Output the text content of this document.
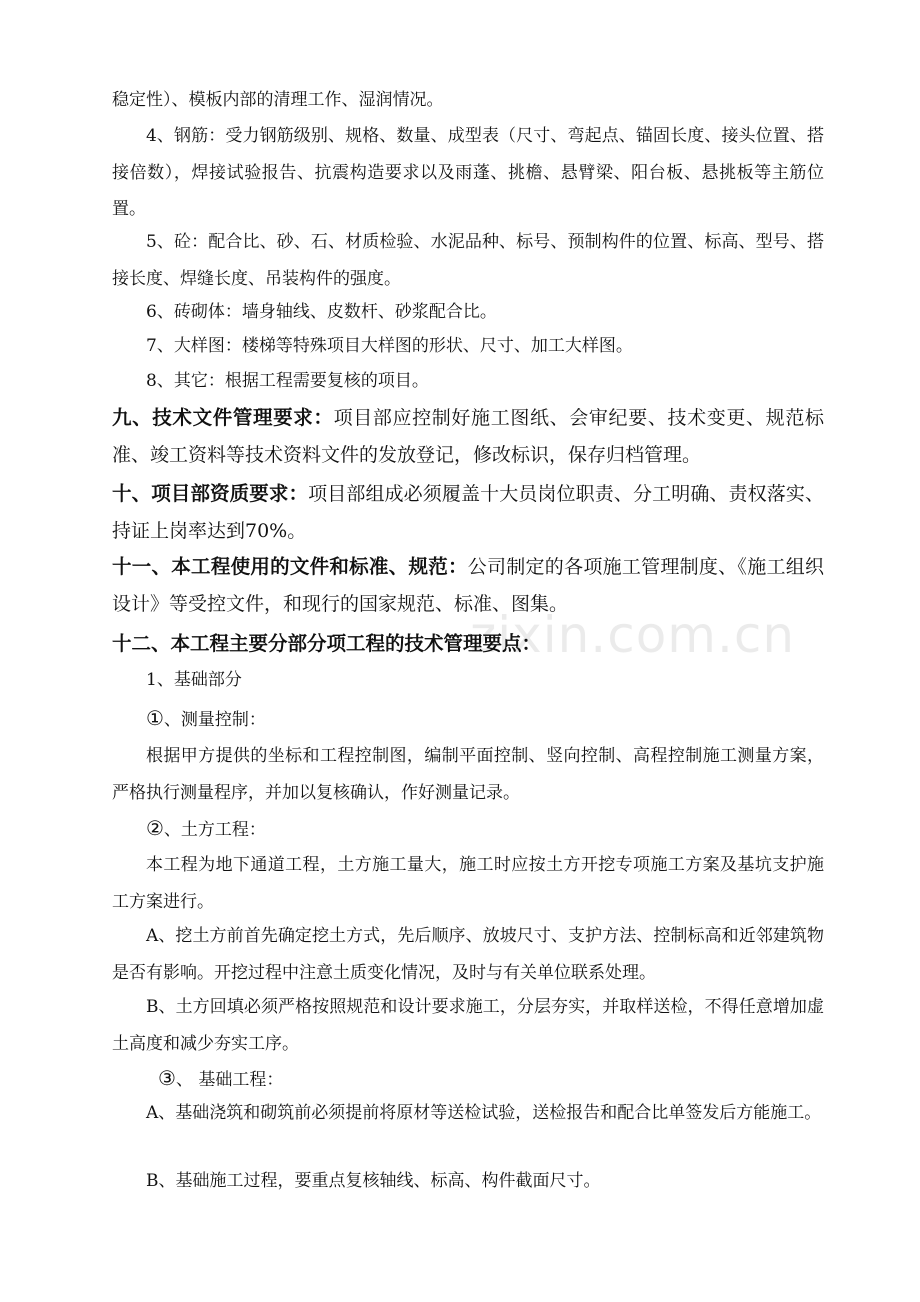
稳定性）、模板内部的清理工作、湿润情况。

4、钢筋：受力钢筋级别、规格、数量、成型表（尺寸、弯起点、锚固长度、接头位置、搭接倍数），焊接试验报告、抗震构造要求以及雨蓬、挑檐、悬臂梁、阳台板、悬挑板等主筋位置。

5、砼：配合比、砂、石、材质检验、水泥品种、标号、预制构件的位置、标高、型号、搭接长度、焊缝长度、吊装构件的强度。

6、砖砌体：墙身轴线、皮数杆、砂浆配合比。

7、大样图：楼梯等特殊项目大样图的形状、尺寸、加工大样图。

8、其它：根据工程需要复核的项目。

九、技术文件管理要求：项目部应控制好施工图纸、会审纪要、技术变更、规范标准、竣工资料等技术资料文件的发放登记，修改标识，保存归档管理。

十、项目部资质要求：项目部组成必须履盖十大员岗位职责、分工明确、责权落实、持证上岗率达到70%。

十一、本工程使用的文件和标准、规范：公司制定的各项施工管理制度、《施工组织设计》等受控文件，和现行的国家规范、标准、图集。

十二、本工程主要分部分项工程的技术管理要点：

1、基础部分

①、测量控制：

根据甲方提供的坐标和工程控制图，编制平面控制、竖向控制、高程控制施工测量方案，严格执行测量程序，并加以复核确认，作好测量记录。

②、土方工程：

本工程为地下通道工程，土方施工量大，施工时应按土方开挖专项施工方案及基坑支护施工方案进行。

A、挖土方前首先确定挖土方式，先后顺序、放坡尺寸、支护方法、控制标高和近邻建筑物是否有影响。开挖过程中注意土质变化情况，及时与有关单位联系处理。

B、土方回填必须严格按照规范和设计要求施工，分层夯实，并取样送检，不得任意增加虚土高度和减少夯实工序。

③、 基础工程：

A、基础浇筑和砌筑前必须提前将原材等送检试验，送检报告和配合比单签发后方能施工。

B、基础施工过程，要重点复核轴线、标高、构件截面尺寸。

zixin.com.cn
